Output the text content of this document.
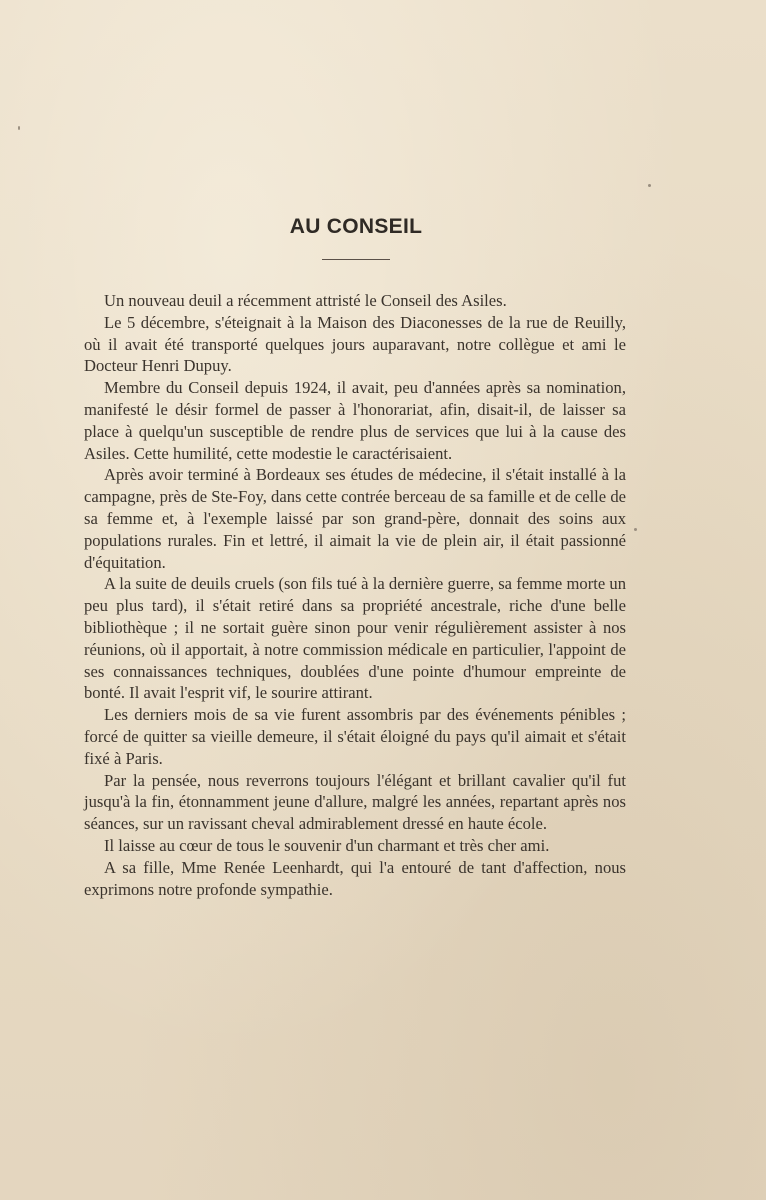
AU CONSEIL

Un nouveau deuil a récemment attristé le Conseil des Asiles.

Le 5 décembre, s'éteignait à la Maison des Diaconesses de la rue de Reuilly, où il avait été transporté quelques jours auparavant, notre collègue et ami le Docteur Henri Dupuy.

Membre du Conseil depuis 1924, il avait, peu d'années après sa nomination, manifesté le désir formel de passer à l'honorariat, afin, disait-il, de laisser sa place à quelqu'un susceptible de rendre plus de services que lui à la cause des Asiles. Cette humilité, cette modestie le caractérisaient.

Après avoir terminé à Bordeaux ses études de médecine, il s'était installé à la campagne, près de Ste-Foy, dans cette contrée berceau de sa famille et de celle de sa femme et, à l'exemple laissé par son grand-père, donnait des soins aux populations rurales. Fin et lettré, il aimait la vie de plein air, il était passionné d'équitation.

A la suite de deuils cruels (son fils tué à la dernière guerre, sa femme morte un peu plus tard), il s'était retiré dans sa propriété ancestrale, riche d'une belle bibliothèque ; il ne sortait guère sinon pour venir régulièrement assister à nos réunions, où il apportait, à notre commission médicale en particulier, l'appoint de ses connaissances techniques, doublées d'une pointe d'humour empreinte de bonté. Il avait l'esprit vif, le sourire attirant.

Les derniers mois de sa vie furent assombris par des événements pénibles ; forcé de quitter sa vieille demeure, il s'était éloigné du pays qu'il aimait et s'était fixé à Paris.

Par la pensée, nous reverrons toujours l'élégant et brillant cavalier qu'il fut jusqu'à la fin, étonnamment jeune d'allure, malgré les années, repartant après nos séances, sur un ravissant cheval admirablement dressé en haute école.

Il laisse au cœur de tous le souvenir d'un charmant et très cher ami.

A sa fille, Mme Renée Leenhardt, qui l'a entouré de tant d'affection, nous exprimons notre profonde sympathie.
